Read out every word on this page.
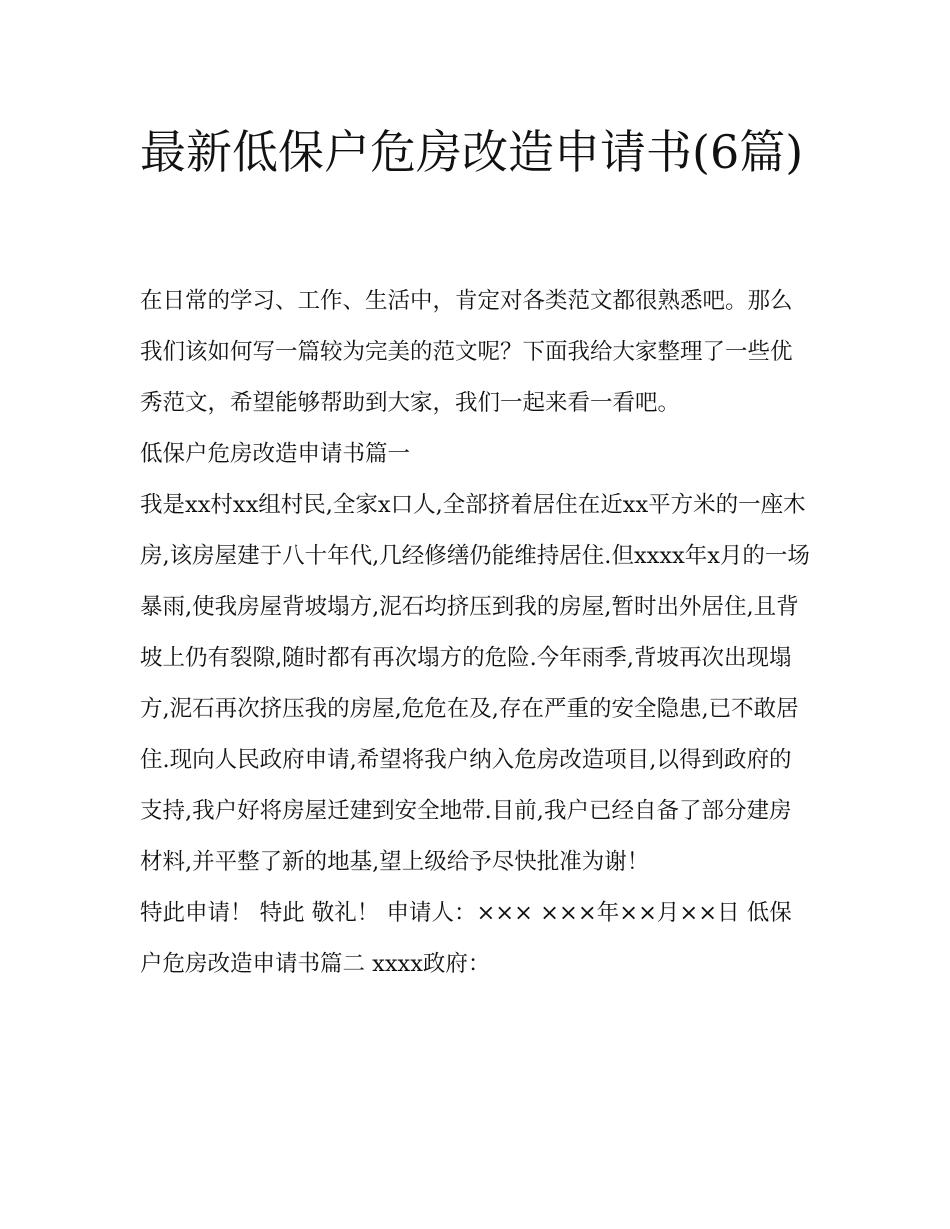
最新低保户危房改造申请书(6篇)

在日常的学习、工作、生活中，肯定对各类范文都很熟悉吧。那么我们该如何写一篇较为完美的范文呢？下面我给大家整理了一些优秀范文，希望能够帮助到大家，我们一起来看一看吧。

低保户危房改造申请书篇一

我是xx村xx组村民,全家x口人,全部挤着居住在近xx平方米的一座木房,该房屋建于八十年代,几经修缮仍能维持居住.但xxxx年x月的一场暴雨,使我房屋背坡塌方,泥石均挤压到我的房屋,暂时出外居住,且背坡上仍有裂隙,随时都有再次塌方的危险.今年雨季,背坡再次出现塌方,泥石再次挤压我的房屋,危危在及,存在严重的安全隐患,已不敢居住.现向人民政府申请,希望将我户纳入危房改造项目,以得到政府的支持,我户好将房屋迁建到安全地带.目前,我户已经自备了部分建房材料,并平整了新的地基,望上级给予尽快批准为谢！

特此申请！ 特此 敬礼！ 申请人：××× ×××年××月××日 低保户危房改造申请书篇二 xxxx政府：
